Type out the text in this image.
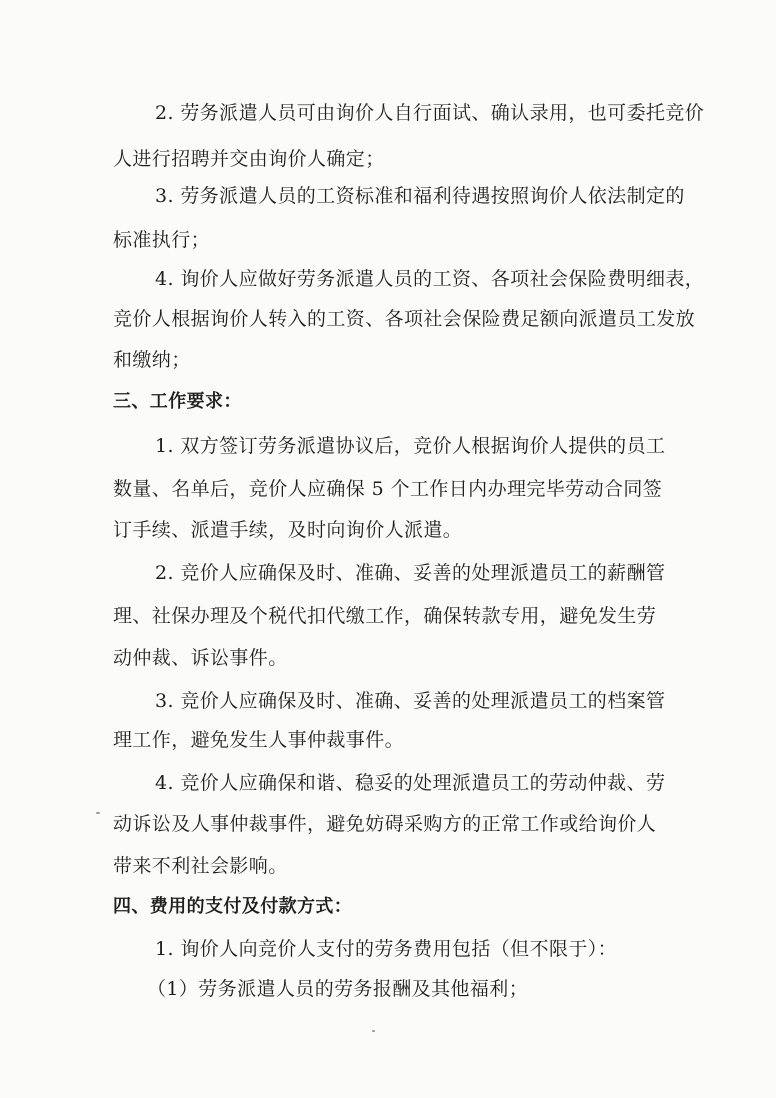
2. 劳务派遣人员可由询价人自行面试、确认录用，也可委托竞价
人进行招聘并交由询价人确定；
3. 劳务派遣人员的工资标准和福利待遇按照询价人依法制定的
标准执行；
4. 询价人应做好劳务派遣人员的工资、各项社会保险费明细表，
竞价人根据询价人转入的工资、各项社会保险费足额向派遣员工发放
和缴纳；
三、工作要求：
1. 双方签订劳务派遣协议后，竞价人根据询价人提供的员工
数量、名单后，竞价人应确保 5 个工作日内办理完毕劳动合同签
订手续、派遣手续，及时向询价人派遣。
2. 竞价人应确保及时、准确、妥善的处理派遣员工的薪酬管
理、社保办理及个税代扣代缴工作，确保转款专用，避免发生劳
动仲裁、诉讼事件。
3. 竞价人应确保及时、准确、妥善的处理派遣员工的档案管
理工作，避免发生人事仲裁事件。
4. 竞价人应确保和谐、稳妥的处理派遣员工的劳动仲裁、劳
动诉讼及人事仲裁事件，避免妨碍采购方的正常工作或给询价人
带来不利社会影响。
四、费用的支付及付款方式：
1. 询价人向竞价人支付的劳务费用包括（但不限于）：
（1）劳务派遣人员的劳务报酬及其他福利；
